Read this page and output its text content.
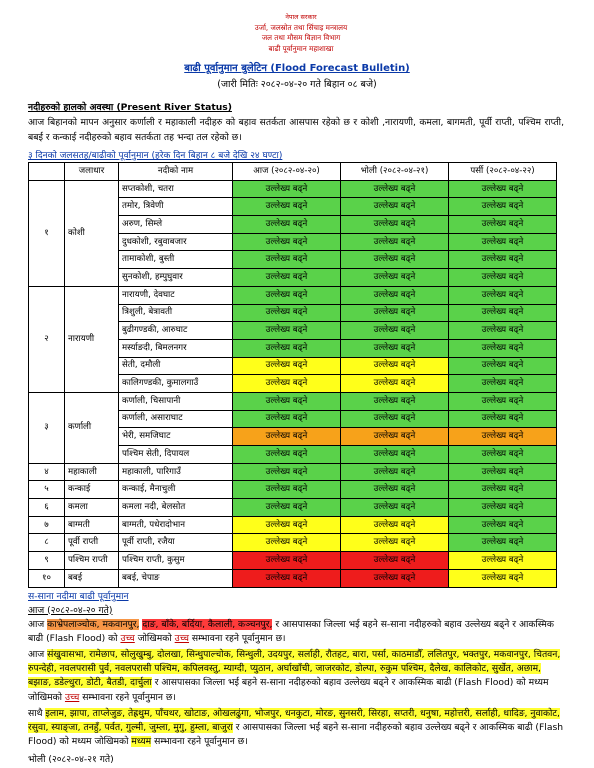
नेपाल सरकार
उर्जा, जलस्रोत तथा सिंचाइ मन्त्रालय
जल तथा मौसम विज्ञान विभाग
बाढी पूर्वानुमान महाशाखा
बाढी पूर्वानुमान बुलेटिन (Flood Forecast Bulletin)
(जारी मितिः २०८२-०४-२० गते बिहान ०८ बजे)
नदीहरुको हालको अवस्था (Present River Status)
आज बिहानको मापन अनुसार कर्णाली र महाकाली नदीहरु को बहाव सतर्कता आसपास रहेको छ र कोशी ,नारायणी, कमला, बागमती, पूर्वी राप्ती, पश्चिम राप्ती, बबई र कन्काई नदीहरुको बहाव सतर्कता तह भन्दा तल रहेको छ।
३ दिनको जलसतह/बाढीको पूर्वानुमान (हरेक दिन बिहान ८ बजे देखि २४ घण्टा)
	जलाधार	नदीको नाम	आज (२०८२-०४-२०)	भोली (२०८२-०४-२१)	पर्सी (२०८२-०४-२२)
१	कोशी	सप्तकोशी, चतरा	उल्लेख्य बढ्ने	उल्लेख्य बढ्ने	उल्लेख्य बढ्ने
		तमोर, त्रिवेणी	उल्लेख्य बढ्ने	उल्लेख्य बढ्ने	उल्लेख्य बढ्ने
		अरुण, सिम्ले	उल्लेख्य बढ्ने	उल्लेख्य बढ्ने	उल्लेख्य बढ्ने
		दुधकोशी, रबुवाबजार	उल्लेख्य बढ्ने	उल्लेख्य बढ्ने	उल्लेख्य बढ्ने
		तामाकोशी, बुस्ती	उल्लेख्य बढ्ने	उल्लेख्य बढ्ने	उल्लेख्य बढ्ने
		सुनकोशी, हम्पुघुवार	उल्लेख्य बढ्ने	उल्लेख्य बढ्ने	उल्लेख्य बढ्ने
२	नारायणी	नारायणी, देवघाट	उल्लेख्य बढ्ने	उल्लेख्य बढ्ने	उल्लेख्य बढ्ने
		त्रिशुली, बेत्रावती	उल्लेख्य बढ्ने	उल्लेख्य बढ्ने	उल्लेख्य बढ्ने
		बुढीगण्डकी, आरुघाट	उल्लेख्य बढ्ने	उल्लेख्य बढ्ने	उल्लेख्य बढ्ने
		मर्स्याङदी, बिमलनगर	उल्लेख्य बढ्ने	उल्लेख्य बढ्ने	उल्लेख्य बढ्ने
		सेती, दमौली	उल्लेख्य बढ्ने	उल्लेख्य बढ्ने	उल्लेख्य बढ्ने
		कालिगण्डकी, कुमालगाउँ	उल्लेख्य बढ्ने	उल्लेख्य बढ्ने	उल्लेख्य बढ्ने
३	कर्णाली	कर्णाली, चिसापानी	उल्लेख्य बढ्ने	उल्लेख्य बढ्ने	उल्लेख्य बढ्ने
		कर्णाली, असाराघाट	उल्लेख्य बढ्ने	उल्लेख्य बढ्ने	उल्लेख्य बढ्ने
		भेरी, समजिघाट	उल्लेख्य बढ्ने	उल्लेख्य बढ्ने	उल्लेख्य बढ्ने
		पश्चिम सेती, दिपायल	उल्लेख्य बढ्ने	उल्लेख्य बढ्ने	उल्लेख्य बढ्ने
४	महाकाली	महाकाली, पारिगाउँ	उल्लेख्य बढ्ने	उल्लेख्य बढ्ने	उल्लेख्य बढ्ने
५	कन्काई	कन्काई, मैनाचुली	उल्लेख्य बढ्ने	उल्लेख्य बढ्ने	उल्लेख्य बढ्ने
६	कमला	कमला नदी, बेलसोत	उल्लेख्य बढ्ने	उल्लेख्य बढ्ने	उल्लेख्य बढ्ने
७	बाग्मती	बाग्मती, पधेरादोभान	उल्लेख्य बढ्ने	उल्लेख्य बढ्ने	उल्लेख्य बढ्ने
८	पूर्वी राप्ती	पूर्वी राप्ती, रजैया	उल्लेख्य बढ्ने	उल्लेख्य बढ्ने	उल्लेख्य बढ्ने
९	पश्चिम राप्ती	पश्चिम राप्ती, कुसुम	उल्लेख्य बढ्ने	उल्लेख्य बढ्ने	उल्लेख्य बढ्ने
१०	बबई	बबई, चेपाङ	उल्लेख्य बढ्ने	उल्लेख्य बढ्ने	उल्लेख्य बढ्ने
स-साना नदीमा बाढी पूर्वानुमान
आज (२०८२-०४-२० गते)
आज काभ्रेपलाञ्चोक, मकवानपुर, दाङ, बाँके, बर्दिया, कैलाली, कञ्चनपुर, र आसपासका जिल्ला भई बहने स-साना नदीहरुको बहाव उल्लेख्य बढ्ने र आकस्मिक बाढी (Flash Flood) को उच्च जोखिमको उच्च सम्भावना रहने पूर्वानुमान छ।
आज संखुवासभा, रामेछाप, सोलुखुम्बु, दोलखा, सिन्धुपाल्चोक, सिन्धुली, उदयपुर, सर्लाही, रौतहट, बारा, पर्सा, काठमाडौँ, ललितपुर, भक्तपुर, मकवानपुर, चितवन, रुपन्देही, नवलपरासी पुर्व, नवलपरासी पश्चिम, कपिलवस्तु, म्याग्दी, प्युठान, अर्घाखाँची, जाजरकोट, डोल्पा, रुकुम पश्चिम, दैलेख, कालिकोट, सुर्खेत, अछाम, बझाङ, डडेल्धुरा, डोटी, बैतडी, दार्चुला र आसपासका जिल्ला भई बहने स-साना नदीहरुको बहाव उल्लेख्य बढ्ने र आकस्मिक बाढी (Flash Flood) को मध्यम जोखिमको उच्च सम्भावना रहने पूर्वानुमान छ।
साथै इलाम, झापा, ताप्लेजुङ, तेह्रथुम, पाँचथर, खोटाङ, ओखलढुंगा, भोजपुर, धनकुटा, मोरङ, सुनसरी, सिरहा, सप्तरी, धनुषा, महोत्तरी, सर्लाही, धादिङ, नुवाकोट, रसुवा, स्याङ्जा, तनहुँ, पर्वत, गुल्मी, जुम्ला, मुगु, हुम्ला, बाजुरा र आसपासका जिल्ला भई बहने स-साना नदीहरुको बहाव उल्लेख्य बढ्ने र आकस्मिक बाढी (Flash Flood) को मध्यम जोखिमको मध्यम सम्भावना रहने पूर्वानुमान छ।
भोली (२०८२-०४-२१ गते)
